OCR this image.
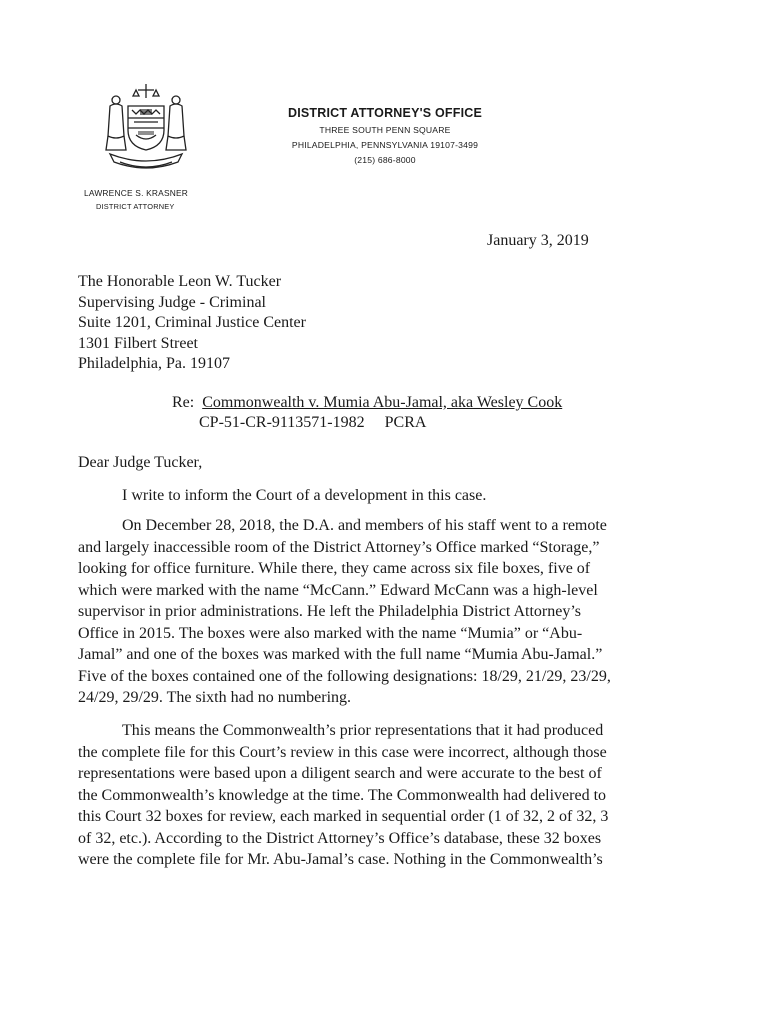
DISTRICT ATTORNEY'S OFFICE
THREE SOUTH PENN SQUARE
PHILADELPHIA, PENNSYLVANIA 19107-3499
(215) 686-8000
LAWRENCE S. KRASNER
DISTRICT ATTORNEY
January 3, 2019
The Honorable Leon W. Tucker
Supervising Judge - Criminal
Suite 1201, Criminal Justice Center
1301 Filbert Street
Philadelphia, Pa. 19107
Re: Commonwealth v. Mumia Abu-Jamal, aka Wesley Cook
CP-51-CR-9113571-1982     PCRA
Dear Judge Tucker,
I write to inform the Court of a development in this case.
On December 28, 2018, the D.A. and members of his staff went to a remote
and largely inaccessible room of the District Attorney’s Office marked “Storage,”
looking for office furniture. While there, they came across six file boxes, five of
which were marked with the name “McCann.” Edward McCann was a high-level
supervisor in prior administrations. He left the Philadelphia District Attorney’s
Office in 2015. The boxes were also marked with the name “Mumia” or “Abu-
Jamal” and one of the boxes was marked with the full name “Mumia Abu-Jamal.”
Five of the boxes contained one of the following designations: 18/29, 21/29, 23/29,
24/29, 29/29. The sixth had no numbering.
This means the Commonwealth’s prior representations that it had produced
the complete file for this Court’s review in this case were incorrect, although those
representations were based upon a diligent search and were accurate to the best of
the Commonwealth’s knowledge at the time. The Commonwealth had delivered to
this Court 32 boxes for review, each marked in sequential order (1 of 32, 2 of 32, 3
of 32, etc.). According to the District Attorney’s Office’s database, these 32 boxes
were the complete file for Mr. Abu-Jamal’s case. Nothing in the Commonwealth’s
